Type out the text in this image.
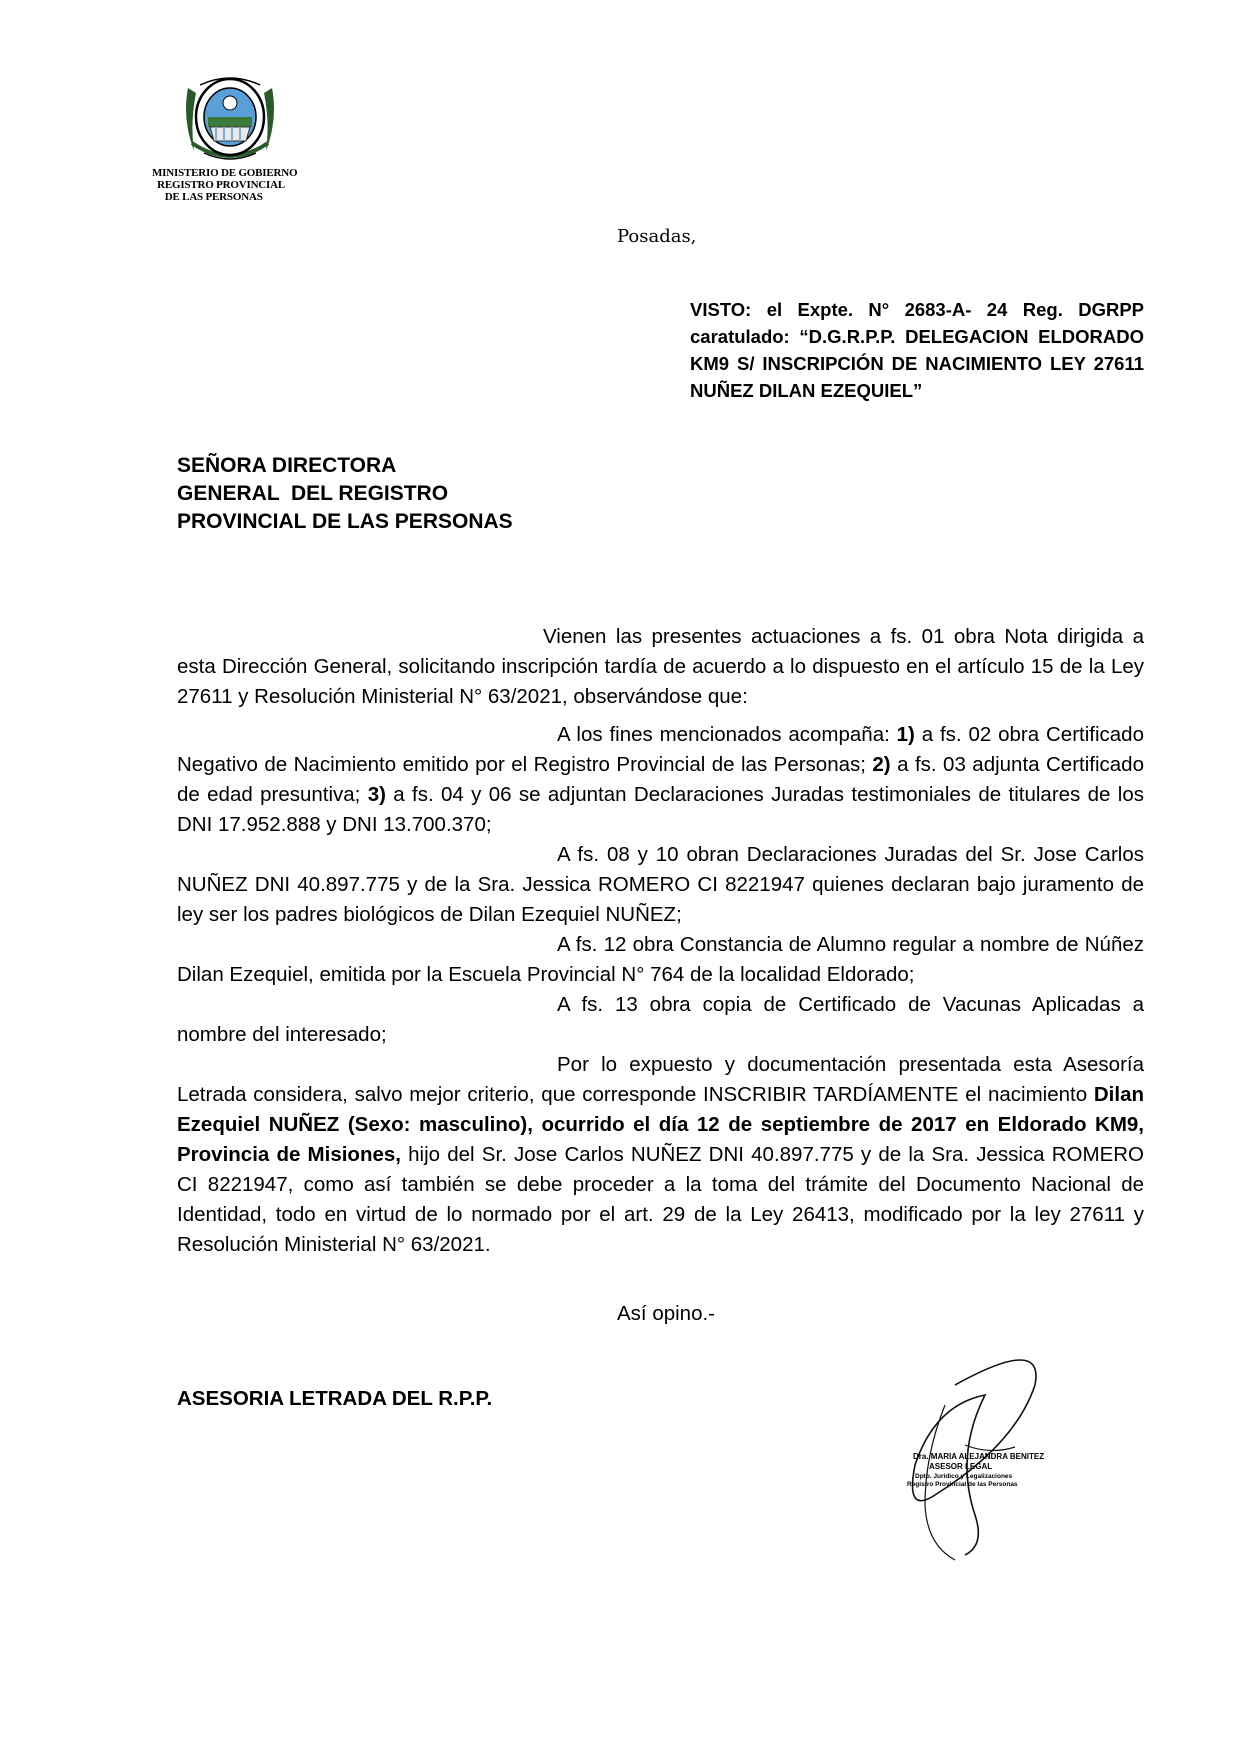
MINISTERIO DE GOBIERNO
REGISTRO PROVINCIAL
DE LAS PERSONAS
Posadas,
VISTO: el Expte. N° 2683-A- 24 Reg. DGRPP caratulado: “D.G.R.P.P. DELEGACION ELDORADO KM9 S/ INSCRIPCIÓN DE NACIMIENTO LEY 27611 NUÑEZ DILAN EZEQUIEL”
SEÑORA DIRECTORA
GENERAL  DEL REGISTRO
PROVINCIAL DE LAS PERSONAS

Vienen las presentes actuaciones a fs. 01 obra Nota dirigida a esta Dirección General, solicitando inscripción tardía de acuerdo a lo dispuesto en el artículo 15 de la Ley 27611 y Resolución Ministerial N° 63/2021, observándose que:

A los fines mencionados acompaña: 1) a fs. 02 obra Certificado Negativo de Nacimiento emitido por el Registro Provincial de las Personas; 2) a fs. 03 adjunta Certificado de edad presuntiva; 3) a fs. 04 y 06 se adjuntan Declaraciones Juradas testimoniales de titulares de los DNI 17.952.888 y DNI 13.700.370;

A fs. 08 y 10 obran Declaraciones Juradas del Sr. Jose Carlos NUÑEZ DNI 40.897.775 y de la Sra. Jessica ROMERO CI 8221947 quienes declaran bajo juramento de ley ser los padres biológicos de Dilan Ezequiel NUÑEZ;

A fs. 12 obra Constancia de Alumno regular a nombre de Núñez Dilan Ezequiel, emitida por la Escuela Provincial N° 764 de la localidad Eldorado;

A fs. 13 obra copia de Certificado de Vacunas Aplicadas a nombre del interesado;

Por lo expuesto y documentación presentada esta Asesoría Letrada considera, salvo mejor criterio, que corresponde INSCRIBIR TARDÍAMENTE el nacimiento Dilan Ezequiel NUÑEZ (Sexo: masculino), ocurrido el día 12 de septiembre de 2017 en Eldorado KM9, Provincia de Misiones, hijo del Sr. Jose Carlos NUÑEZ DNI 40.897.775 y de la Sra. Jessica ROMERO CI 8221947, como así también se debe proceder a la toma del trámite del Documento Nacional de Identidad, todo en virtud de lo normado por el art. 29 de la Ley 26413, modificado por la ley 27611 y Resolución Ministerial N° 63/2021.

Así opino.-
ASESORIA LETRADA DEL R.P.P.
Dra. MARIA ALEJANDRA BENITEZ
ASESOR LEGAL
Dpto. Jurídico y Legalizaciones
Registro Provincial de las Personas
